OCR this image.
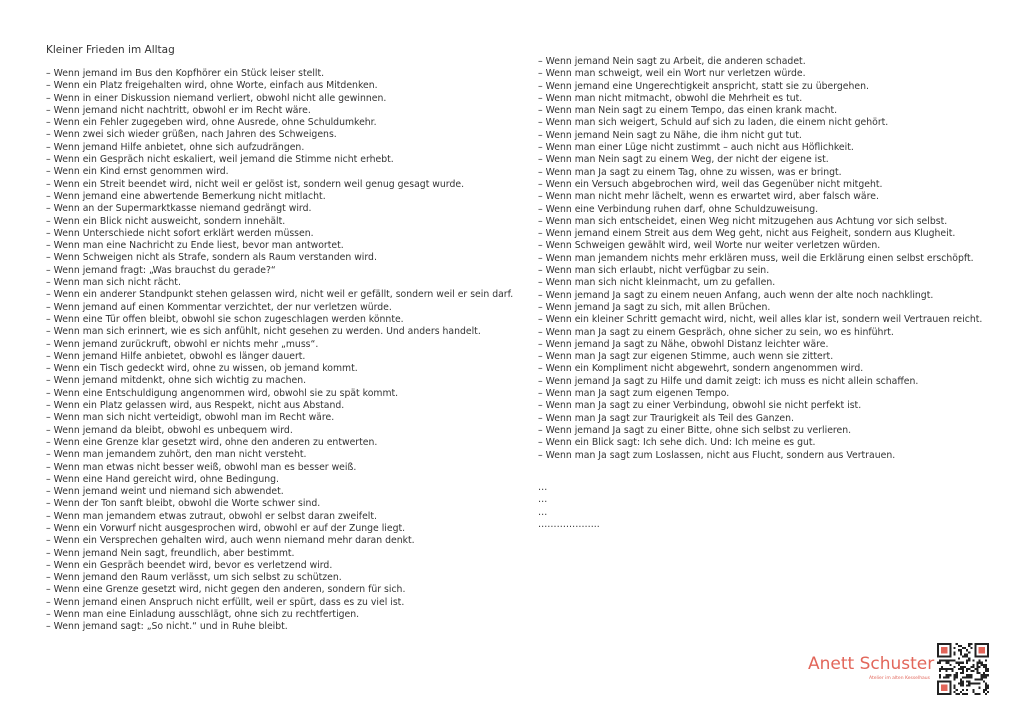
Kleiner Frieden im Alltag
– Wenn jemand im Bus den Kopfhörer ein Stück leiser stellt.
– Wenn ein Platz freigehalten wird, ohne Worte, einfach aus Mitdenken.
– Wenn in einer Diskussion niemand verliert, obwohl nicht alle gewinnen.
– Wenn jemand nicht nachtritt, obwohl er im Recht wäre.
– Wenn ein Fehler zugegeben wird, ohne Ausrede, ohne Schuldumkehr.
– Wenn zwei sich wieder grüßen, nach Jahren des Schweigens.
– Wenn jemand Hilfe anbietet, ohne sich aufzudrängen.
– Wenn ein Gespräch nicht eskaliert, weil jemand die Stimme nicht erhebt.
– Wenn ein Kind ernst genommen wird.
– Wenn ein Streit beendet wird, nicht weil er gelöst ist, sondern weil genug gesagt wurde.
– Wenn jemand eine abwertende Bemerkung nicht mitlacht.
– Wenn an der Supermarktkasse niemand gedrängt wird.
– Wenn ein Blick nicht ausweicht, sondern innehält.
– Wenn Unterschiede nicht sofort erklärt werden müssen.
– Wenn man eine Nachricht zu Ende liest, bevor man antwortet.
– Wenn Schweigen nicht als Strafe, sondern als Raum verstanden wird.
– Wenn jemand fragt: „Was brauchst du gerade?“
– Wenn man sich nicht rächt.
– Wenn ein anderer Standpunkt stehen gelassen wird, nicht weil er gefällt, sondern weil er sein darf.
– Wenn jemand auf einen Kommentar verzichtet, der nur verletzen würde.
– Wenn eine Tür offen bleibt, obwohl sie schon zugeschlagen werden könnte.
– Wenn man sich erinnert, wie es sich anfühlt, nicht gesehen zu werden. Und anders handelt.
– Wenn jemand zurückruft, obwohl er nichts mehr „muss“.
– Wenn jemand Hilfe anbietet, obwohl es länger dauert.
– Wenn ein Tisch gedeckt wird, ohne zu wissen, ob jemand kommt.
– Wenn jemand mitdenkt, ohne sich wichtig zu machen.
– Wenn eine Entschuldigung angenommen wird, obwohl sie zu spät kommt.
– Wenn ein Platz gelassen wird, aus Respekt, nicht aus Abstand.
– Wenn man sich nicht verteidigt, obwohl man im Recht wäre.
– Wenn jemand da bleibt, obwohl es unbequem wird.
– Wenn eine Grenze klar gesetzt wird, ohne den anderen zu entwerten.
– Wenn man jemandem zuhört, den man nicht versteht.
– Wenn man etwas nicht besser weiß, obwohl man es besser weiß.
– Wenn eine Hand gereicht wird, ohne Bedingung.
– Wenn jemand weint und niemand sich abwendet.
– Wenn der Ton sanft bleibt, obwohl die Worte schwer sind.
– Wenn man jemandem etwas zutraut, obwohl er selbst daran zweifelt.
– Wenn ein Vorwurf nicht ausgesprochen wird, obwohl er auf der Zunge liegt.
– Wenn ein Versprechen gehalten wird, auch wenn niemand mehr daran denkt.
– Wenn jemand Nein sagt, freundlich, aber bestimmt.
– Wenn ein Gespräch beendet wird, bevor es verletzend wird.
– Wenn jemand den Raum verlässt, um sich selbst zu schützen.
– Wenn eine Grenze gesetzt wird, nicht gegen den anderen, sondern für sich.
– Wenn jemand einen Anspruch nicht erfüllt, weil er spürt, dass es zu viel ist.
– Wenn man eine Einladung ausschlägt, ohne sich zu rechtfertigen.
– Wenn jemand sagt: „So nicht.“ und in Ruhe bleibt.
– Wenn jemand Nein sagt zu Arbeit, die anderen schadet.
– Wenn man schweigt, weil ein Wort nur verletzen würde.
– Wenn jemand eine Ungerechtigkeit anspricht, statt sie zu übergehen.
– Wenn man nicht mitmacht, obwohl die Mehrheit es tut.
– Wenn man Nein sagt zu einem Tempo, das einen krank macht.
– Wenn man sich weigert, Schuld auf sich zu laden, die einem nicht gehört.
– Wenn jemand Nein sagt zu Nähe, die ihm nicht gut tut.
– Wenn man einer Lüge nicht zustimmt – auch nicht aus Höflichkeit.
– Wenn man Nein sagt zu einem Weg, der nicht der eigene ist.
– Wenn man Ja sagt zu einem Tag, ohne zu wissen, was er bringt.
– Wenn ein Versuch abgebrochen wird, weil das Gegenüber nicht mitgeht.
– Wenn man nicht mehr lächelt, wenn es erwartet wird, aber falsch wäre.
– Wenn eine Verbindung ruhen darf, ohne Schuldzuweisung.
– Wenn man sich entscheidet, einen Weg nicht mitzugehen aus Achtung vor sich selbst.
– Wenn jemand einem Streit aus dem Weg geht, nicht aus Feigheit, sondern aus Klugheit.
– Wenn Schweigen gewählt wird, weil Worte nur weiter verletzen würden.
– Wenn man jemandem nichts mehr erklären muss, weil die Erklärung einen selbst erschöpft.
– Wenn man sich erlaubt, nicht verfügbar zu sein.
– Wenn man sich nicht kleinmacht, um zu gefallen.
– Wenn jemand Ja sagt zu einem neuen Anfang, auch wenn der alte noch nachklingt.
– Wenn jemand Ja sagt zu sich, mit allen Brüchen.
– Wenn ein kleiner Schritt gemacht wird, nicht, weil alles klar ist, sondern weil Vertrauen reicht.
– Wenn man Ja sagt zu einem Gespräch, ohne sicher zu sein, wo es hinführt.
– Wenn jemand Ja sagt zu Nähe, obwohl Distanz leichter wäre.
– Wenn man Ja sagt zur eigenen Stimme, auch wenn sie zittert.
– Wenn ein Kompliment nicht abgewehrt, sondern angenommen wird.
– Wenn jemand Ja sagt zu Hilfe und damit zeigt: ich muss es nicht allein schaffen.
– Wenn man Ja sagt zum eigenen Tempo.
– Wenn man Ja sagt zu einer Verbindung, obwohl sie nicht perfekt ist.
– Wenn man Ja sagt zur Traurigkeit als Teil des Ganzen.
– Wenn jemand Ja sagt zu einer Bitte, ohne sich selbst zu verlieren.
– Wenn ein Blick sagt: Ich sehe dich. Und: Ich meine es gut.
– Wenn man Ja sagt zum Loslassen, nicht aus Flucht, sondern aus Vertrauen.
…
…
…
………………..
Anett Schuster
Atelier im alten Kesselhaus
